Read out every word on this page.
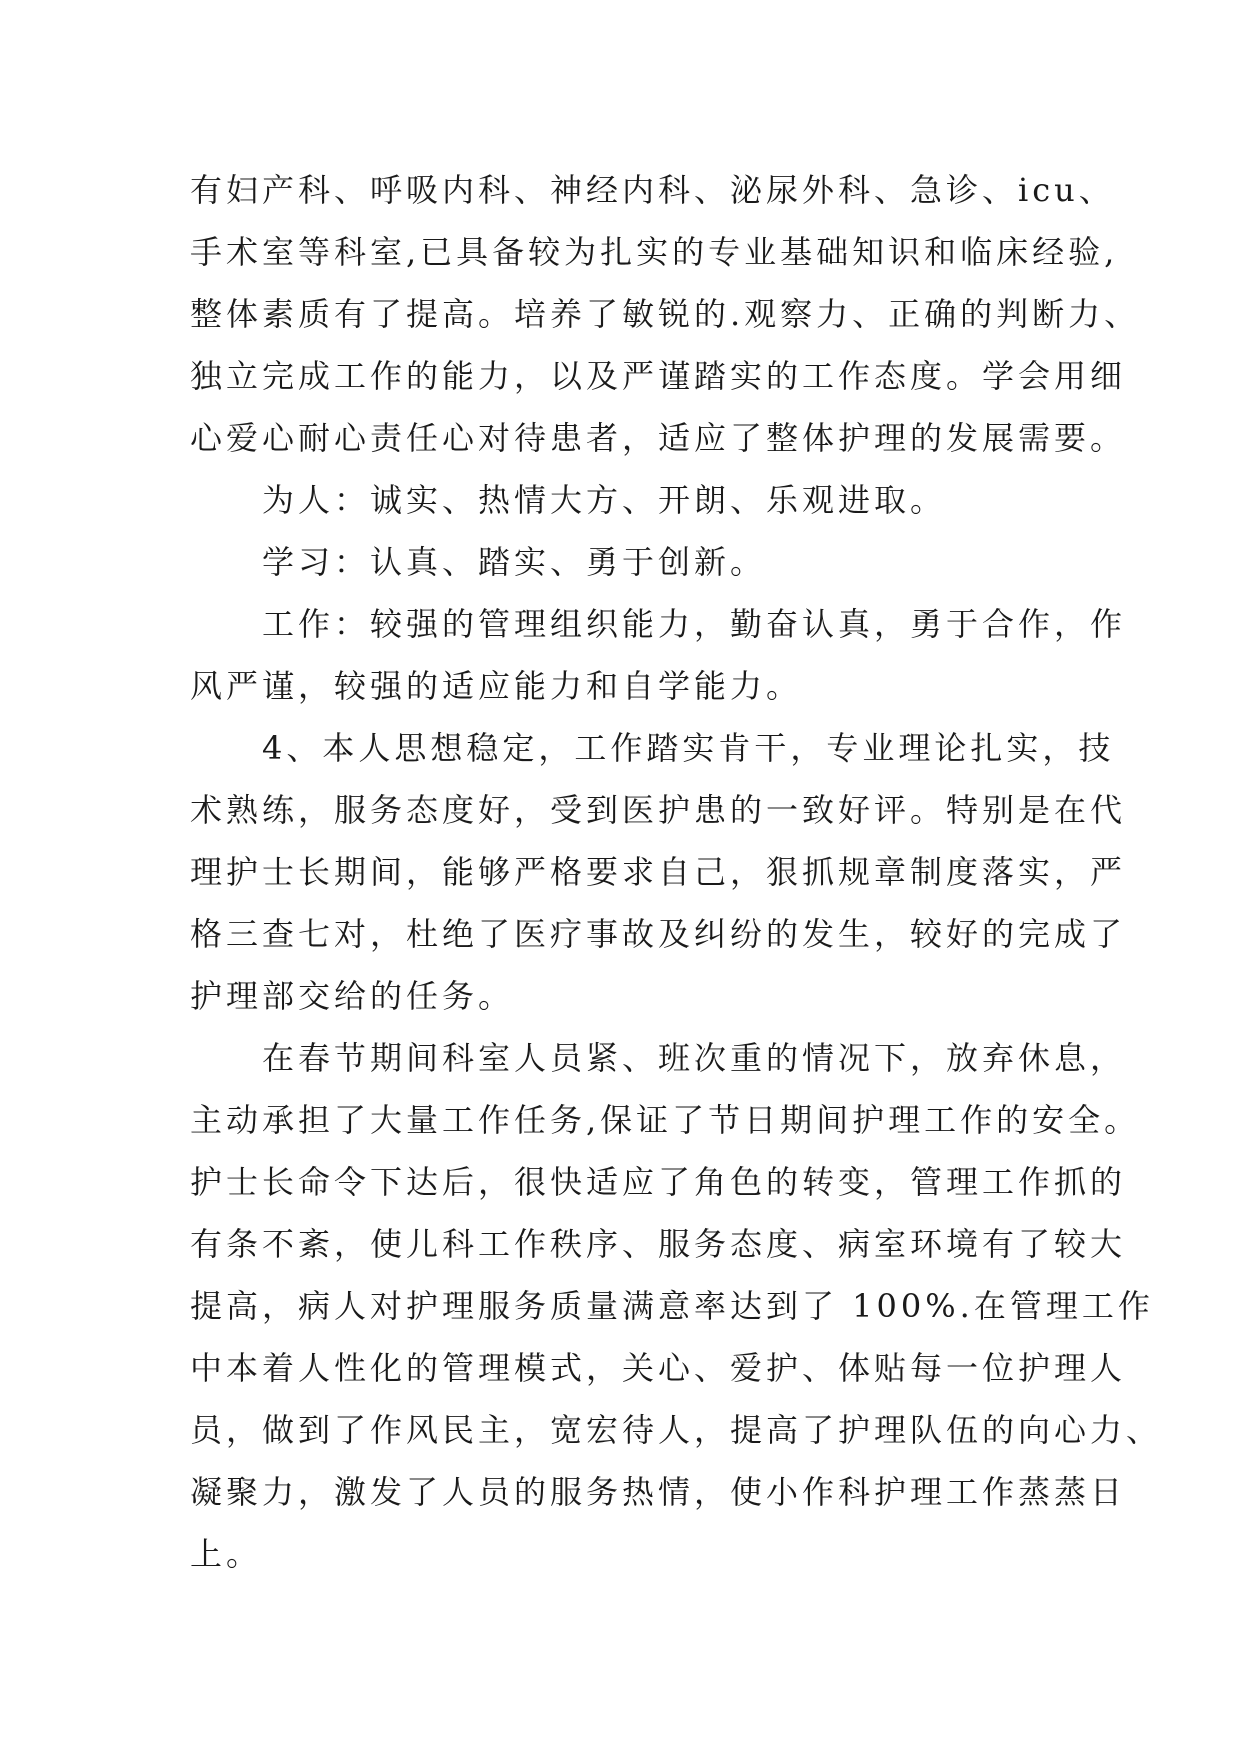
有妇产科、呼吸内科、神经内科、泌尿外科、急诊、icu、
手术室等科室,已具备较为扎实的专业基础知识和临床经验,
整体素质有了提高。培养了敏锐的.观察力、正确的判断力、
独立完成工作的能力，以及严谨踏实的工作态度。学会用细
心爱心耐心责任心对待患者，适应了整体护理的发展需要。
　　为人：诚实、热情大方、开朗、乐观进取。
　　学习：认真、踏实、勇于创新。
　　工作：较强的管理组织能力，勤奋认真，勇于合作，作
风严谨，较强的适应能力和自学能力。
　　4、本人思想稳定，工作踏实肯干，专业理论扎实，技
术熟练，服务态度好，受到医护患的一致好评。特别是在代
理护士长期间，能够严格要求自己，狠抓规章制度落实，严
格三查七对，杜绝了医疗事故及纠纷的发生，较好的完成了
护理部交给的任务。
　　在春节期间科室人员紧、班次重的情况下，放弃休息，
主动承担了大量工作任务,保证了节日期间护理工作的安全。
护士长命令下达后，很快适应了角色的转变，管理工作抓的
有条不紊，使儿科工作秩序、服务态度、病室环境有了较大
提高，病人对护理服务质量满意率达到了 100%.在管理工作
中本着人性化的管理模式，关心、爱护、体贴每一位护理人
员，做到了作风民主，宽宏待人，提高了护理队伍的向心力、
凝聚力，激发了人员的服务热情，使小作科护理工作蒸蒸日
上。
